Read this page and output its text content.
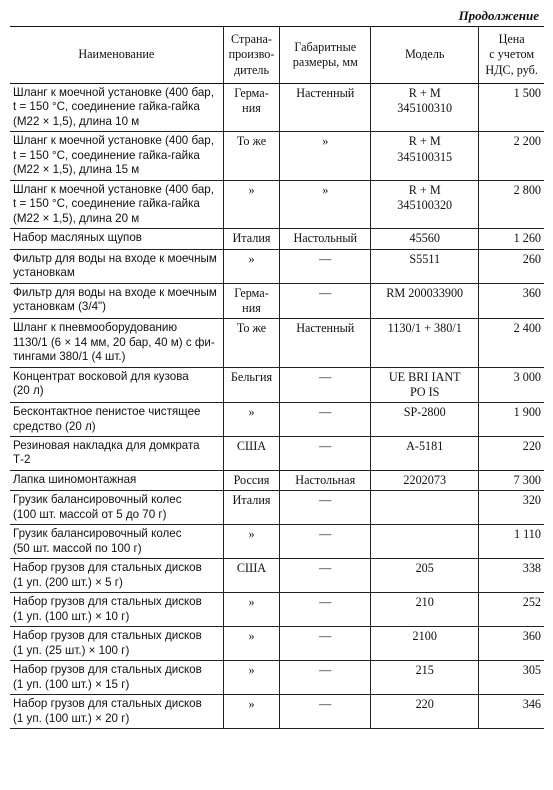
Продолжение
Наименование	Страна-
произво-
дитель	Габаритные
размеры, мм	Модель	Цена
с учетом
НДС, руб.
Шланг к моечной установке (400 бар,
t = 150 °C, соединение гайка-гайка
(M22 × 1,5), длина 10 м	Герма-
ния	Настенный	R + M
345100310	1 500
Шланг к моечной установке (400 бар,
t = 150 °C, соединение гайка-гайка
(M22 × 1,5), длина 15 м	То же	»	R + M
345100315	2 200
Шланг к моечной установке (400 бар,
t = 150 °C, соединение гайка-гайка
(M22 × 1,5), длина 20 м	»	»	R + M
345100320	2 800
Набор масляных щупов	Италия	Настольный	45560	1 260
Фильтр для воды на входе к моечным
установкам	»	—	S5511	260
Фильтр для воды на входе к моечным
установкам (3/4")	Герма-
ния	—	RM 200033900	360
Шланг к пневмооборудованию
1130/1 (6 × 14 мм, 20 бар, 40 м) с фи-
тингами 380/1 (4 шт.)	То же	Настенный	1130/1 + 380/1	2 400
Концентрат восковой для кузова
(20 л)	Бельгия	—	UE BRI IANT
PO IS	3 000
Бесконтактное пенистое чистящее
средство (20 л)	»	—	SP-2800	1 900
Резиновая накладка для домкрата Т-2	США	—	A-5181	220
Лапка шиномонтажная	Россия	Настольная	2202073	7 300
Грузик балансировочный колес
(100 шт. массой от 5 до 70 г)	Италия	—		320
Грузик балансировочный колес
(50 шт. массой по 100 г)	»	—		1 110
Набор грузов для стальных дисков
(1 уп. (200 шт.) × 5 г)	США	—	205	338
Набор грузов для стальных дисков
(1 уп. (100 шт.) × 10 г)	»	—	210	252
Набор грузов для стальных дисков
(1 уп. (25 шт.) × 100 г)	»	—	2100	360
Набор грузов для стальных дисков
(1 уп. (100 шт.) × 15 г)	»	—	215	305
Набор грузов для стальных дисков
(1 уп. (100 шт.) × 20 г)	»	—	220	346
